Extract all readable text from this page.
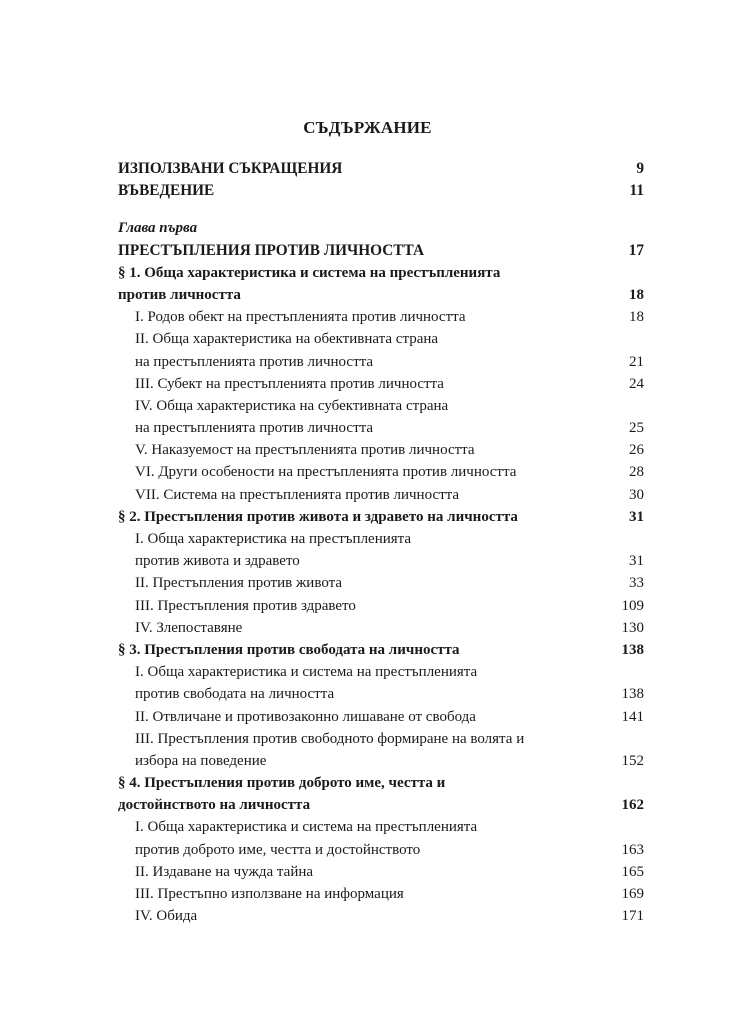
СЪДЪРЖАНИЕ
ИЗПОЛЗВАНИ СЪКРАЩЕНИЯ	9
ВЪВЕДЕНИЕ	11
Глава първа
ПРЕСТЪПЛЕНИЯ ПРОТИВ ЛИЧНОСТТА	17
§ 1. Обща характеристика и система на престъпленията
против личността	18
I. Родов обект на престъпленията против личността	18
II. Обща характеристика на обективната страна
на престъпленията против личността	21
III. Субект на престъпленията против личността	24
IV. Обща характеристика на субективната страна
на престъпленията против личността	25
V. Наказуемост на престъпленията против личността	26
VI. Други особености на престъпленията против личността	28
VII. Система на престъпленията против личността	30
§ 2. Престъпления против живота и здравето на личността	31
I. Обща характеристика на престъпленията
против живота и здравето	31
II. Престъпления против живота	33
III. Престъпления против здравето	109
IV. Злепоставяне	130
§ 3. Престъпления против свободата на личността	138
I. Обща характеристика и система на престъпленията
против свободата на личността	138
II. Отвличане и противозаконно лишаване от свобода	141
III. Престъпления против свободното формиране на волята и
избора на поведение	152
§ 4. Престъпления против доброто име, честта и
достойнството на личността	162
I. Обща характеристика и система на престъпленията
против доброто име, честта и достойнството	163
II. Издаване на чужда тайна	165
III. Престъпно използване на информация	169
IV. Обида	171
